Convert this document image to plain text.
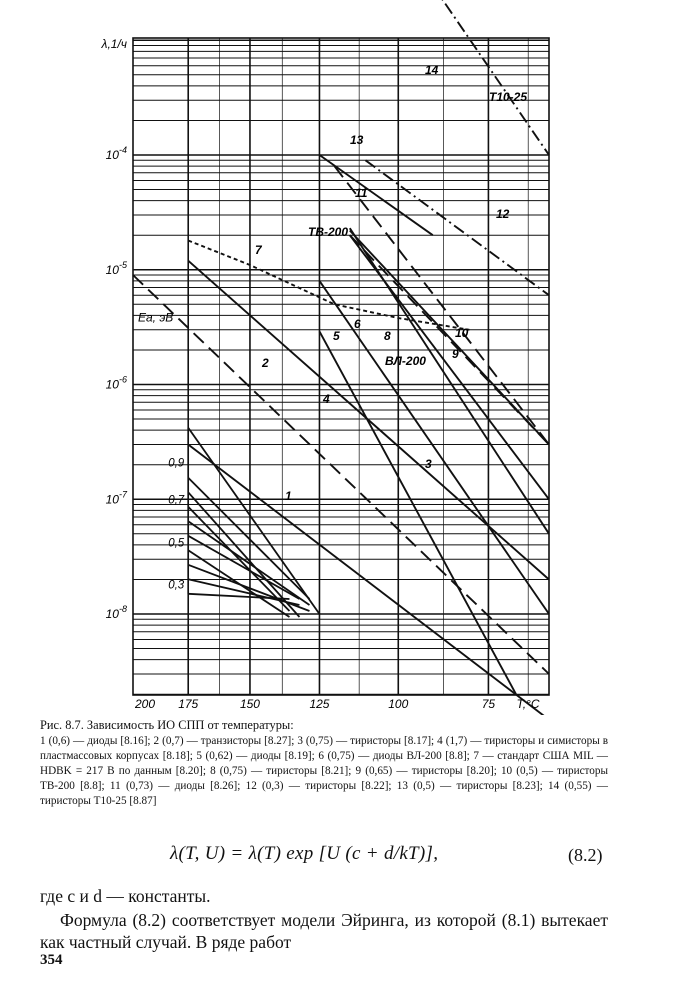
200 175	150	125	100	75 T,°C
$10^{-8}$
$10^{-7}$
$10^{-6}$
$10^{-5}$
$10^{-4}$
λ,1/ч
Eа, эВ
0,3
0,5
0,7
0,9
1
2
3
4
5
6
7
8
9
10
11
12
13
14
ТВ-200
ВЛ-200
Т10-25
Рис. 8.7. Зависимость ИО СПП от температуры:
1 (0,6) — диоды [8.16]; 2 (0,7) — транзисторы [8.27]; 3 (0,75) — тиристоры [8.17]; 4 (1,7) — тиристоры и симисторы в пластмассовых корпусах [8.18]; 5 (0,62) — диоды [8.19]; 6 (0,75) — диоды ВЛ-200 [8.8]; 7 — стандарт США MIL — HDBK = 217 B по данным [8.20]; 8 (0,75) — тиристоры [8.21]; 9 (0,65) — тиристоры [8.20]; 10 (0,5) — тиристоры ТВ-200 [8.8]; 11 (0,73) — диоды [8.26]; 12 (0,3) — тиристоры [8.22]; 13 (0,5) — тиристоры [8.23]; 14 (0,55) — тиристоры Т10-25 [8.87]
λ(T, U) = λ(T) exp [U (c + d/kT)],	(8.2)
где c и d — константы.
Формула (8.2) соответствует модели Эйринга, из которой (8.1) вытекает как частный случай. В ряде работ
354
